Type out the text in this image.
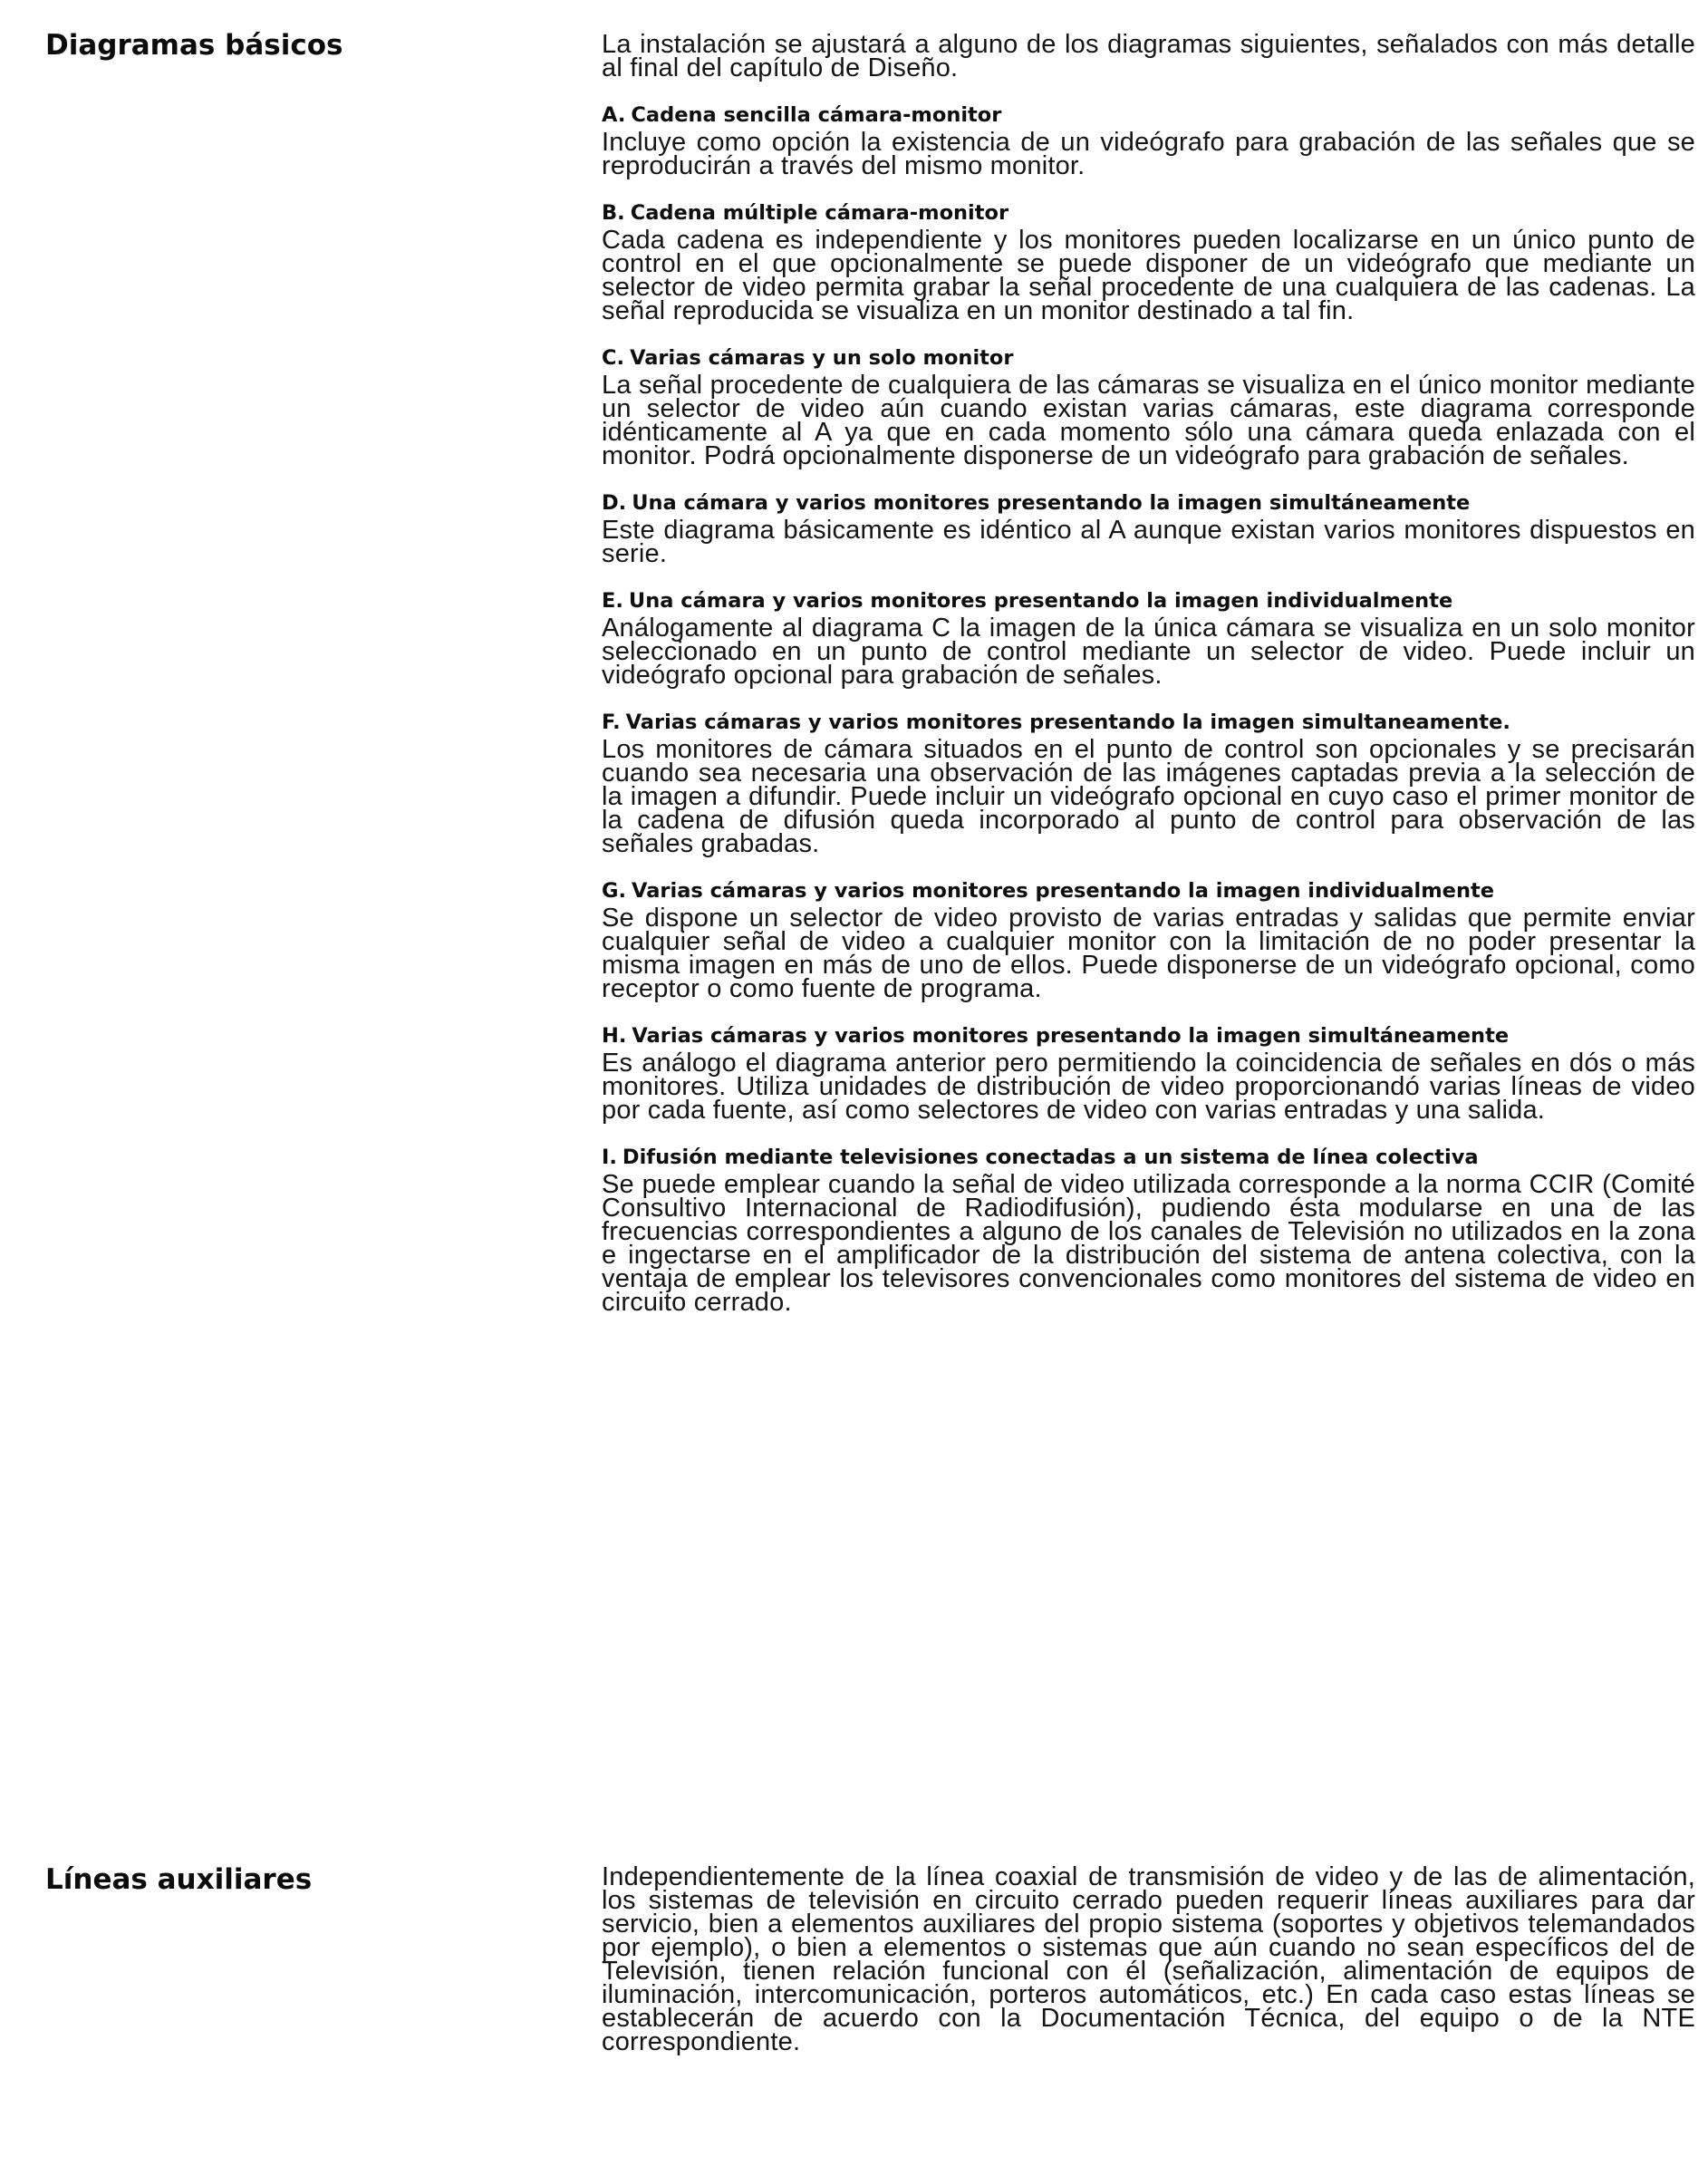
Diagramas básicos	La instalación se ajustará a alguno de los diagramas siguientes, señalados con más detalle al final del capítulo de Diseño.

A. Cadena sencilla cámara-monitor

Incluye como opción la existencia de un videógrafo para grabación de las señales que se reproducirán a través del mismo monitor.

B. Cadena múltiple cámara-monitor

Cada cadena es independiente y los monitores pueden localizarse en un único punto de control en el que opcionalmente se puede disponer de un videógrafo que mediante un selector de video permita grabar la señal procedente de una cualquiera de las cadenas. La señal reproducida se visualiza en un monitor destinado a tal fin.

C. Varias cámaras y un solo monitor

La señal procedente de cualquiera de las cámaras se visualiza en el único monitor mediante un selector de video aún cuando existan varias cámaras, este diagrama corresponde idénticamente al A ya que en cada momento sólo una cámara queda enlazada con el monitor. Podrá opcionalmente disponerse de un videógrafo para grabación de señales.

D. Una cámara y varios monitores presentando la imagen simultáneamente

Este diagrama básicamente es idéntico al A aunque existan varios monitores dispuestos en serie.

E. Una cámara y varios monitores presentando la imagen individualmente

Análogamente al diagrama C la imagen de la única cámara se visualiza en un solo monitor seleccionado en un punto de control mediante un selector de video. Puede incluir un videógrafo opcional para grabación de señales.

F. Varias cámaras y varios monitores presentando la imagen simultaneamente.

Los monitores de cámara situados en el punto de control son opcionales y se precisarán cuando sea necesaria una observación de las imágenes captadas previa a la selección de la imagen a difundir. Puede incluir un videógrafo opcional en cuyo caso el primer monitor de la cadena de difusión queda incorporado al punto de control para observación de las señales grabadas.

G. Varias cámaras y varios monitores presentando la imagen individualmente

Se dispone un selector de video provisto de varias entradas y salidas que permite enviar cualquier señal de video a cualquier monitor con la limitación de no poder presentar la misma imagen en más de uno de ellos. Puede disponerse de un videógrafo opcional, como receptor o como fuente de programa.

H. Varias cámaras y varios monitores presentando la imagen simultáneamente

Es análogo el diagrama anterior pero permitiendo la coincidencia de señales en dós o más monitores. Utiliza unidades de distribución de video proporcionandó varias líneas de video por cada fuente, así como selectores de video con varias entradas y una salida.

I. Difusión mediante televisiones conectadas a un sistema de línea colectiva

Se puede emplear cuando la señal de video utilizada corresponde a la norma CCIR (Comité Consultivo Internacional de Radiodifusión), pudiendo ésta modularse en una de las frecuencias correspondientes a alguno de los canales de Televisión no utilizados en la zona e ingectarse en el amplificador de la distribución del sistema de antena colectiva, con la ventaja de emplear los televisores convencionales como monitores del sistema de video en circuito cerrado.

Líneas auxiliares	Independientemente de la línea coaxial de transmisión de video y de las de alimentación, los sistemas de televisión en circuito cerrado pueden requerir líneas auxiliares para dar servicio, bien a elementos auxiliares del propio sistema (soportes y objetivos telemandados por ejemplo), o bien a elementos o sistemas que aún cuando no sean específicos del de Televisión, tienen relación funcional con él (señalización, alimentación de equipos de iluminación, intercomunicación, porteros automáticos, etc.) En cada caso estas líneas se establecerán de acuerdo con la Documentación Técnica, del equipo o de la NTE correspondiente.
